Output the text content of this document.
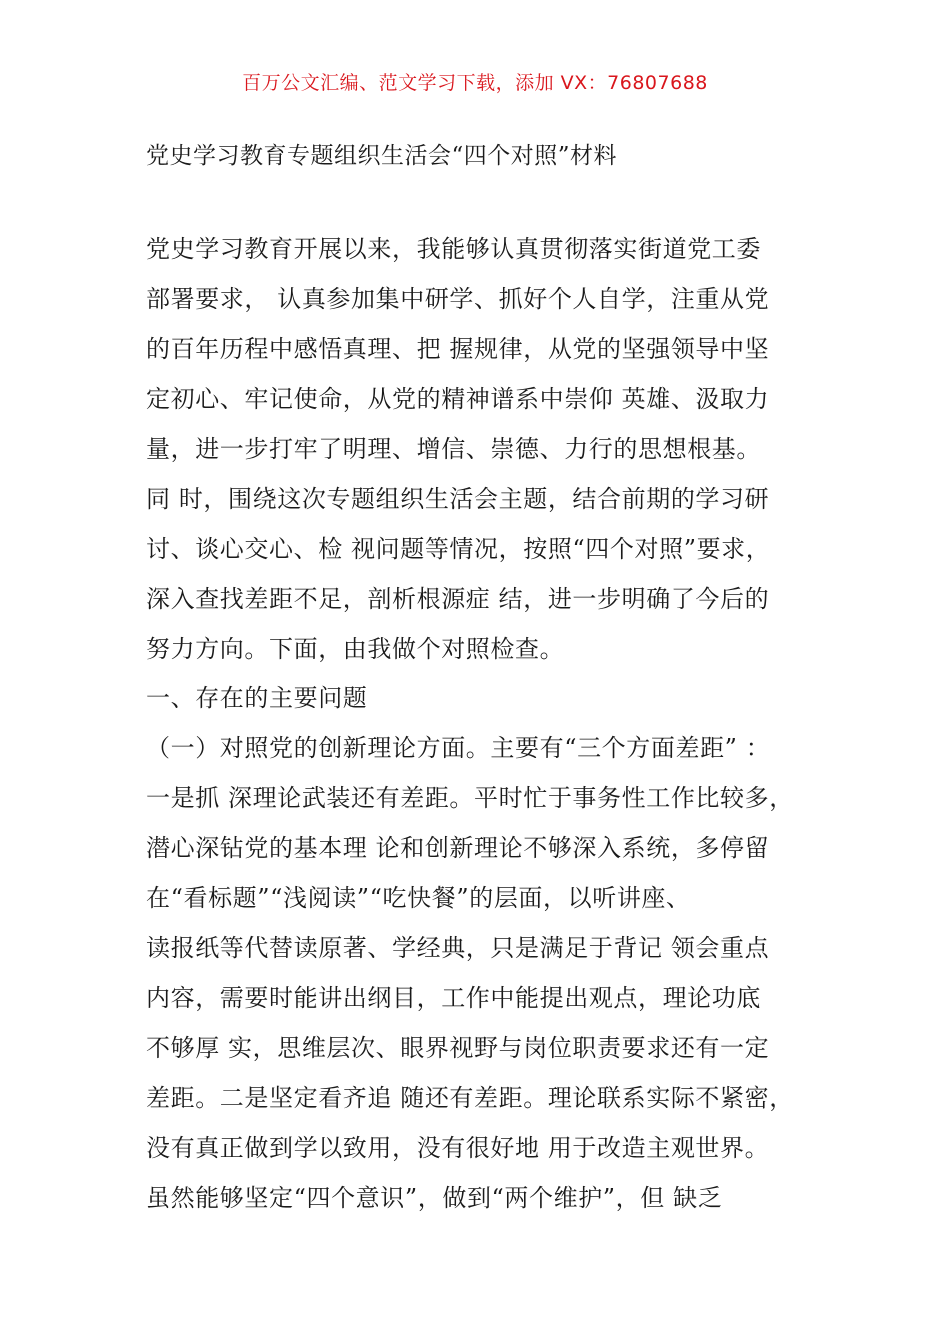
百万公文汇编、范文学习下载，添加 VX：76807688
党史学习教育专题组织生活会“四个对照”材料
党史学习教育开展以来，我能够认真贯彻落实街道党工委
部署要求， 认真参加集中研学、抓好个人自学，注重从党
的百年历程中感悟真理、把 握规律，从党的坚强领导中坚
定初心、牢记使命，从党的精神谱系中崇仰 英雄、汲取力
量，进一步打牢了明理、增信、崇德、力行的思想根基。
同 时，围绕这次专题组织生活会主题，结合前期的学习研
讨、谈心交心、检 视问题等情况，按照“四个对照”要求，
深入查找差距不足，剖析根源症 结，进一步明确了今后的
努力方向。下面，由我做个对照检查。
一、存在的主要问题
（一）对照党的创新理论方面。主要有“三个方面差距” ：
一是抓 深理论武装还有差距。平时忙于事务性工作比较多，
潜心深钻党的基本理 论和创新理论不够深入系统，多停留
在“看标题”“浅阅读”“吃快餐”的层面，以听讲座、
读报纸等代替读原著、学经典，只是满足于背记 领会重点
内容，需要时能讲出纲目，工作中能提出观点，理论功底
不够厚 实，思维层次、眼界视野与岗位职责要求还有一定
差距。二是坚定看齐追 随还有差距。理论联系实际不紧密，
没有真正做到学以致用，没有很好地 用于改造主观世界。
虽然能够坚定“四个意识”，做到“两个维护”，但 缺乏
